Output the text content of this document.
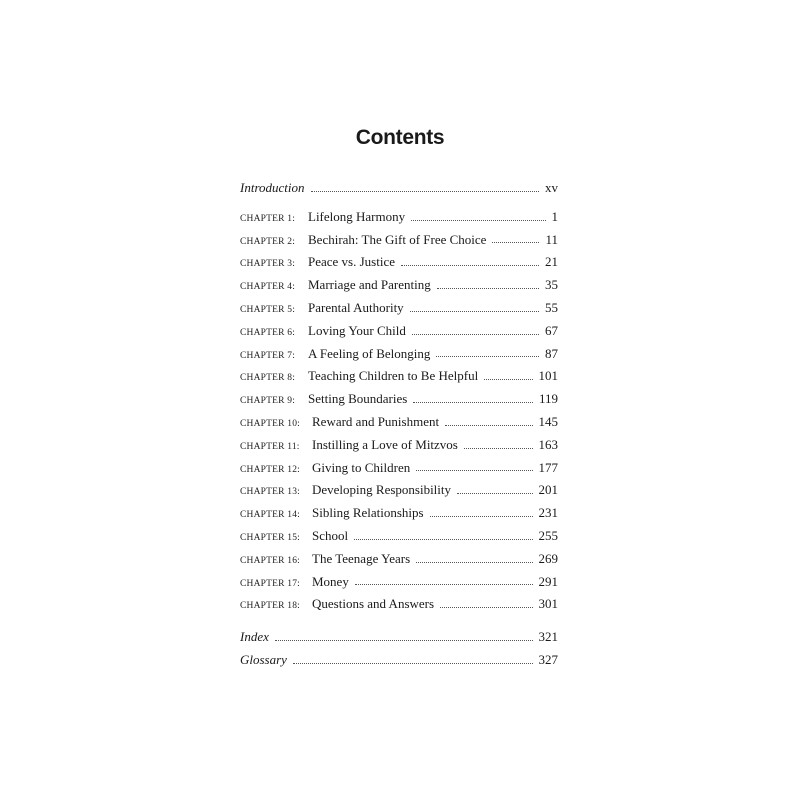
Contents
Introduction	xv
CHAPTER 1: Lifelong Harmony	1
CHAPTER 2: Bechirah: The Gift of Free Choice	11
CHAPTER 3: Peace vs. Justice	21
CHAPTER 4: Marriage and Parenting	35
CHAPTER 5: Parental Authority	55
CHAPTER 6: Loving Your Child	67
CHAPTER 7: A Feeling of Belonging	87
CHAPTER 8: Teaching Children to Be Helpful	101
CHAPTER 9: Setting Boundaries	119
CHAPTER 10: Reward and Punishment	145
CHAPTER 11: Instilling a Love of Mitzvos	163
CHAPTER 12: Giving to Children	177
CHAPTER 13: Developing Responsibility	201
CHAPTER 14: Sibling Relationships	231
CHAPTER 15: School	255
CHAPTER 16: The Teenage Years	269
CHAPTER 17: Money	291
CHAPTER 18: Questions and Answers	301
Index	321
Glossary	327
